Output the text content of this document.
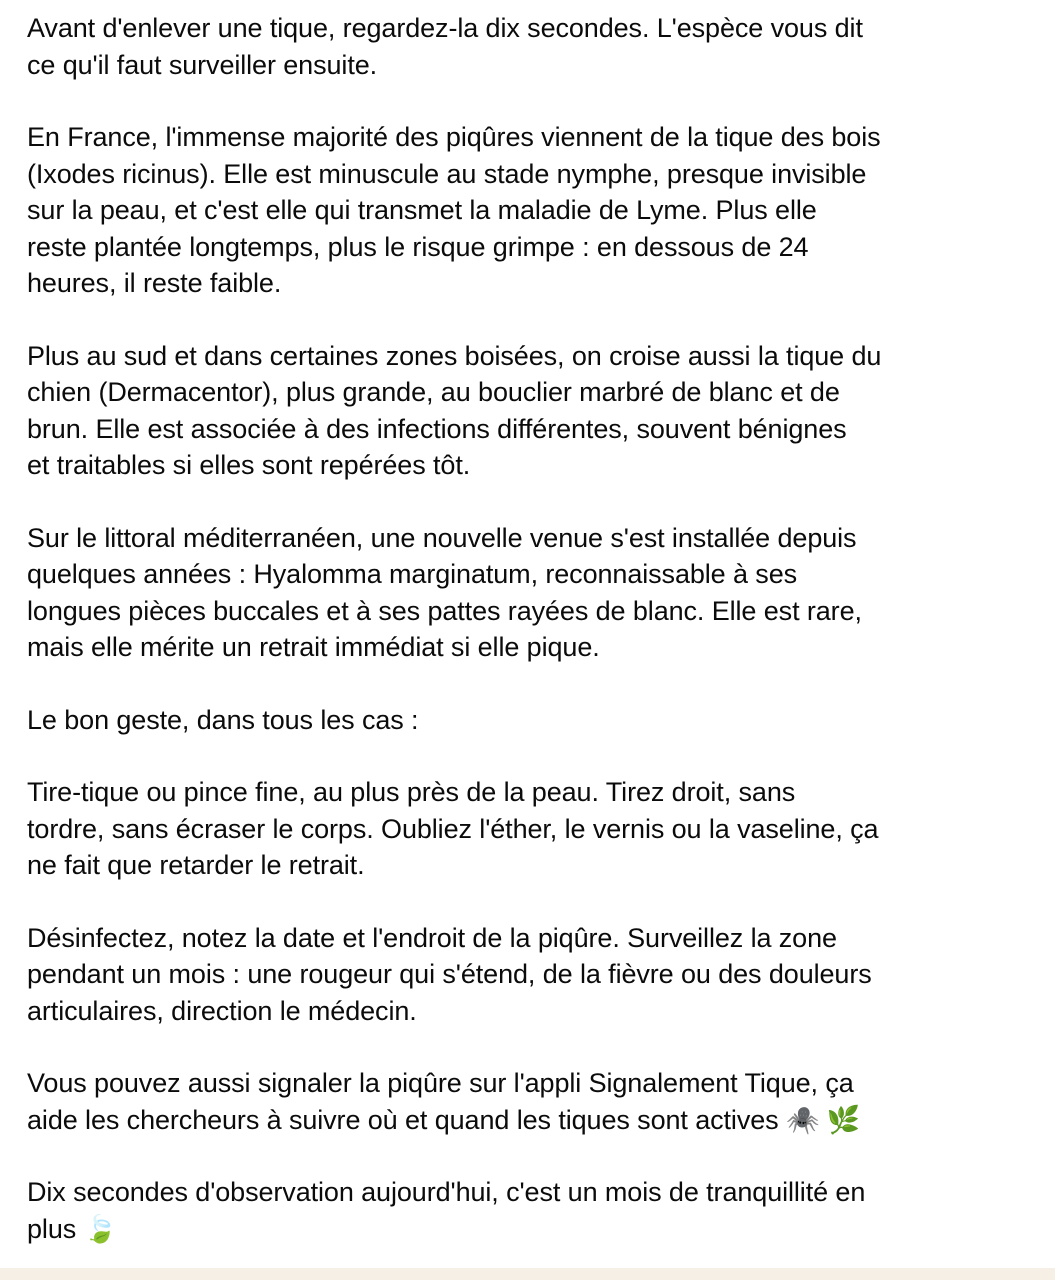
Avant d'enlever une tique, regardez-la dix secondes. L'espèce vous dit
ce qu'il faut surveiller ensuite.

En France, l'immense majorité des piqûres viennent de la tique des bois
(Ixodes ricinus). Elle est minuscule au stade nymphe, presque invisible
sur la peau, et c'est elle qui transmet la maladie de Lyme. Plus elle
reste plantée longtemps, plus le risque grimpe : en dessous de 24
heures, il reste faible.

Plus au sud et dans certaines zones boisées, on croise aussi la tique du
chien (Dermacentor), plus grande, au bouclier marbré de blanc et de
brun. Elle est associée à des infections différentes, souvent bénignes
et traitables si elles sont repérées tôt.

Sur le littoral méditerranéen, une nouvelle venue s'est installée depuis
quelques années : Hyalomma marginatum, reconnaissable à ses
longues pièces buccales et à ses pattes rayées de blanc. Elle est rare,
mais elle mérite un retrait immédiat si elle pique.

Le bon geste, dans tous les cas :

Tire-tique ou pince fine, au plus près de la peau. Tirez droit, sans
tordre, sans écraser le corps. Oubliez l'éther, le vernis ou la vaseline, ça
ne fait que retarder le retrait.

Désinfectez, notez la date et l'endroit de la piqûre. Surveillez la zone
pendant un mois : une rougeur qui s'étend, de la fièvre ou des douleurs
articulaires, direction le médecin.

Vous pouvez aussi signaler la piqûre sur l'appli Signalement Tique, ça
aide les chercheurs à suivre où et quand les tiques sont actives 🕷️ 🌿

Dix secondes d'observation aujourd'hui, c'est un mois de tranquillité en
plus 🍃
